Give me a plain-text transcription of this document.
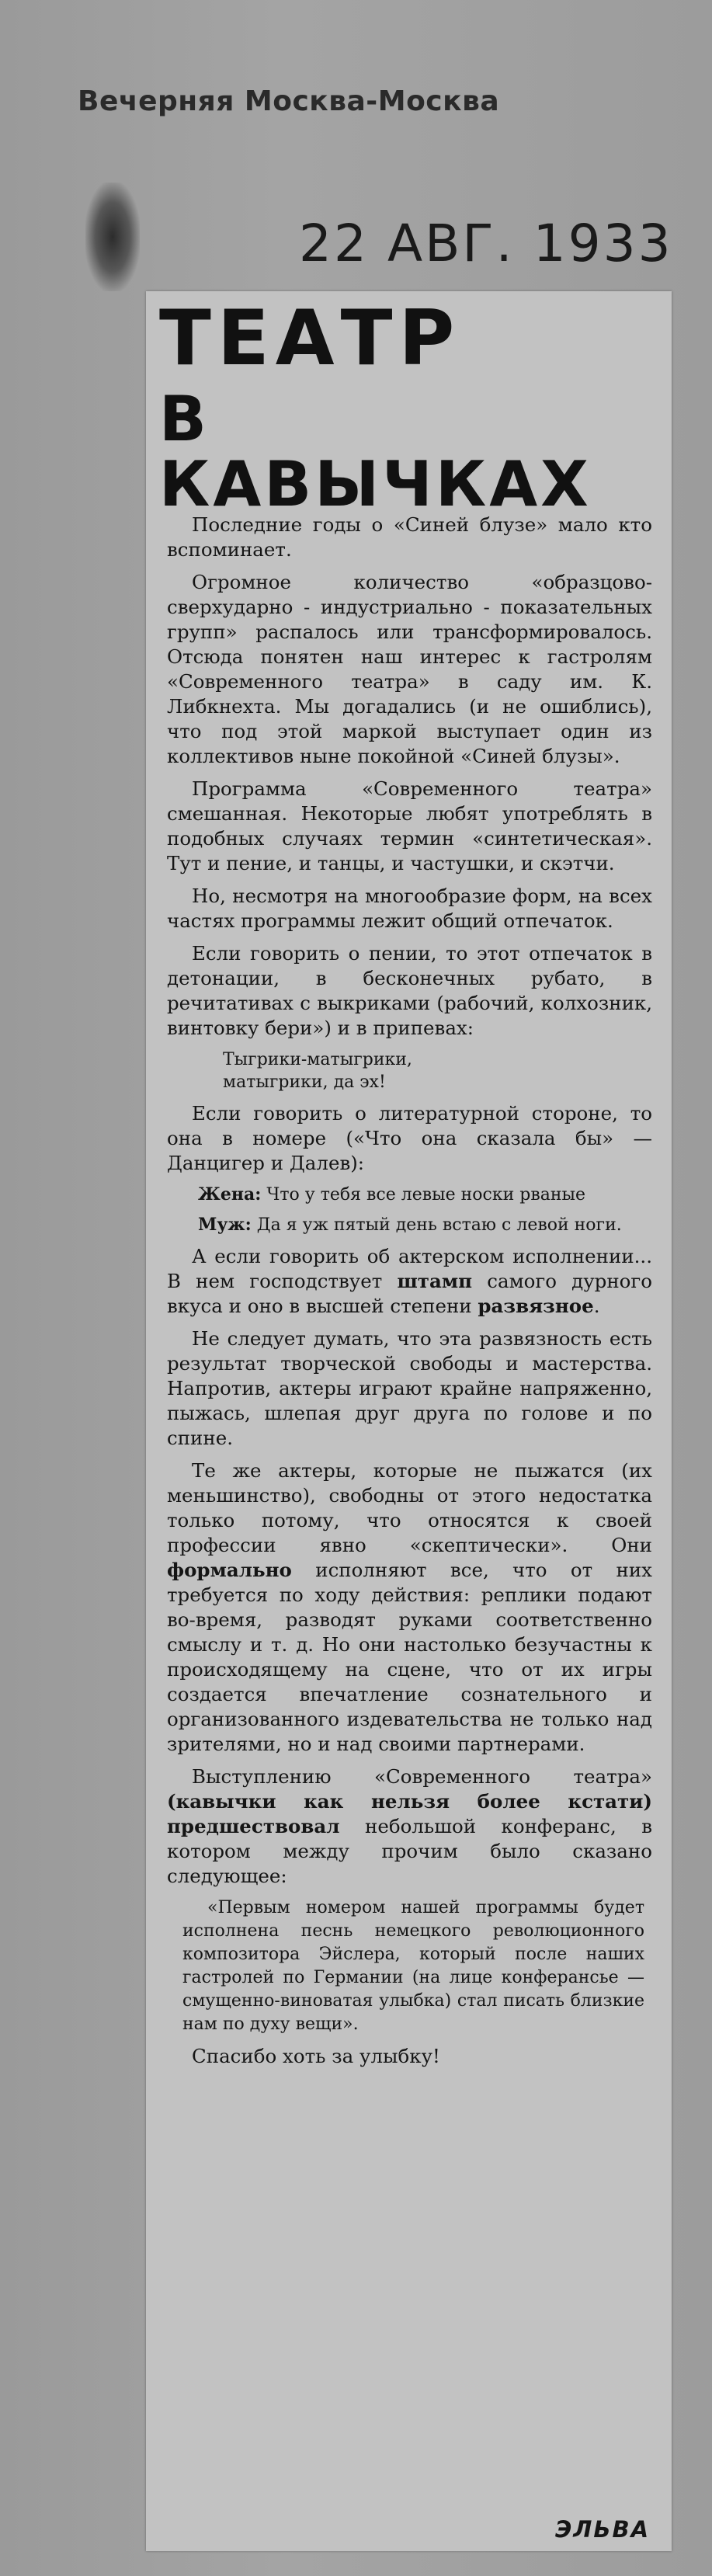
Вечерняя Москва-Москва
22 АВГ. 1933
ТЕАТР
В КАВЫЧКАХ

Последние годы о «Синей блузе» мало кто вспоминает.

Огромное количество «образцово-сверхударно - индустриально - показательных групп» распалось или трансформировалось. Отсюда понятен наш интерес к гастролям «Современного театра» в саду им. К. Либкнехта. Мы догадались (и не ошиблись), что под этой маркой выступает один из коллективов ныне покойной «Синей блузы».

Программа «Современного театра» смешанная. Некоторые любят употреблять в подобных случаях термин «синтетическая». Тут и пение, и танцы, и частушки, и скэтчи.

Но, несмотря на многообразие форм, на всех частях программы лежит общий отпечаток.

Если говорить о пении, то этот отпечаток в детонации, в бесконечных рубато, в речитативах с выкриками (рабочий, колхозник, винтовку бери») и в припевах:

Тыгрики-матыгрики,
матыгрики, да эх!

Если говорить о литературной стороне, то она в номере («Что она сказала бы» — Данцигер и Далев):

Жена: Что у тебя все левые носки рваные

Муж: Да я уж пятый день встаю с левой ноги.

А если говорить об актерском исполнении... В нем господствует штамп самого дурного вкуса и оно в высшей степени развязное.

Не следует думать, что эта развязность есть результат творческой свободы и мастерства. Напротив, актеры играют крайне напряженно, пыжась, шлепая друг друга по голове и по спине.

Те же актеры, которые не пыжатся (их меньшинство), свободны от этого недостатка только потому, что относятся к своей профессии явно «скептически». Они формально исполняют все, что от них требуется по ходу действия: реплики подают во-время, разводят руками соответственно смыслу и т. д. Но они настолько безучастны к происходящему на сцене, что от их игры создается впечатление сознательного и организованного издевательства не только над зрителями, но и над своими партнерами.

Выступлению «Современного театра» (кавычки как нельзя более кстати) предшествовал небольшой конферанс, в котором между прочим было сказано следующее:

«Первым номером нашей программы будет исполнена песнь немецкого революционного композитора Эйслера, который после наших гастролей по Германии (на лице конферансье — смущенно-виноватая улыбка) стал писать близкие нам по духу вещи».

Спасибо хоть за улыбку!

ЭЛЬВА
